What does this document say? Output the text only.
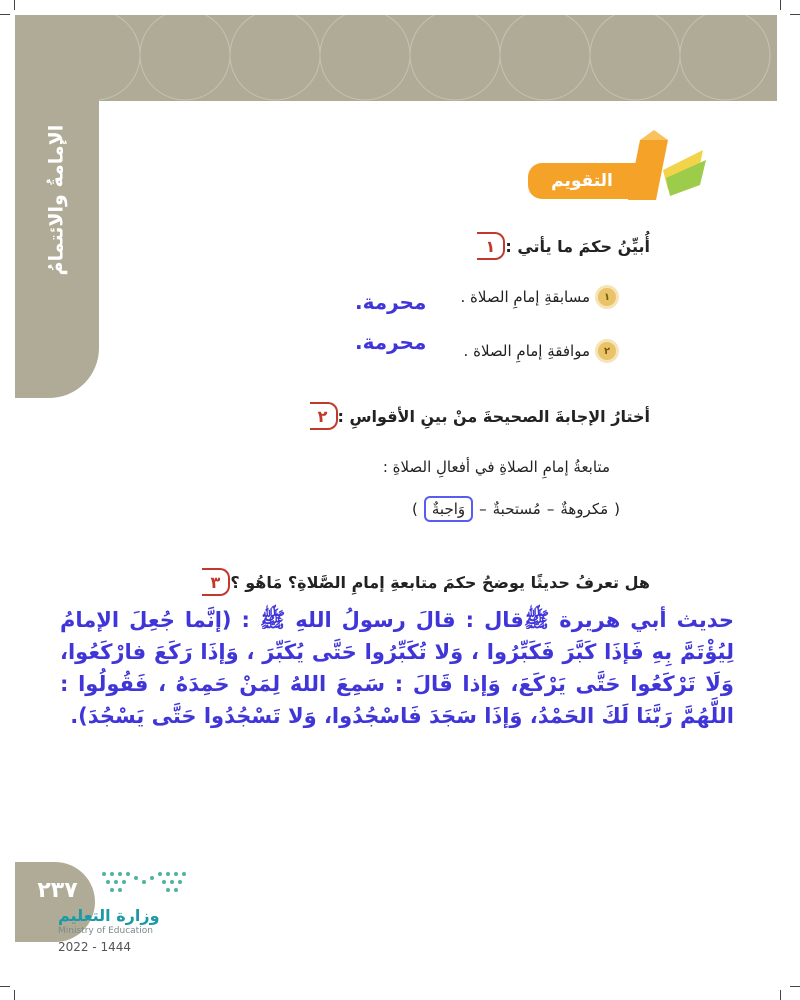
الإمامةُ والائتمامُ	التقويم
١ أُبيِّنُ حكمَ ما يأتي :
١
مسابقةِ إمامِ الصلاة .
محرمة.
٢
موافقةِ إمامِ الصلاة .
محرمة.
٢ أختارُ الإجابةَ الصحيحةَ منْ بينِ الأقواسِ :
متابعةُ إمامِ الصلاةِ في أفعالِ الصلاةِ :
(
مَكروهةٌ
–
مُستحبةٌ
–
وَاجبةٌ
)
٣ هل تعرفُ حديثًا يوضحُ حكمَ متابعةِ إمامِ الصَّلاةِ؟ مَاهُو ؟
حديث أبي هريرة ﷺقال : قالَ رسولُ اللهِ ﷺ : (إنَّما جُعِلَ الإمامُ لِيُؤْتَمَّ بِهِ فَإذَا كَبَّرَ فَكَبِّرُوا ، وَلا تُكَبِّرُوا حَتَّى يُكَبِّرَ ، وَإذَا رَكَعَ فارْكَعُوا، وَلَا تَرْكَعُوا حَتَّى يَرْكَعَ، وَإذا قَالَ : سَمِعَ اللهُ لِمَنْ حَمِدَهُ ، فَقُولُوا : اللَّهُمَّ رَبَّنَا لَكَ الحَمْدُ، وَإذَا سَجَدَ فَاسْجُدُوا، وَلا تَسْجُدُوا حَتَّى يَسْجُدَ).
٢٣٧
وزارة التعليم
Ministry of Education
2022 - 1444
